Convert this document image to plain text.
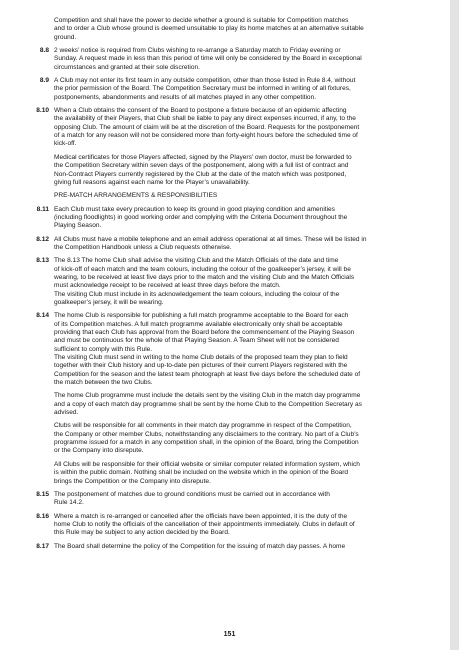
Competition and shall have the power to decide whether a ground is suitable for Competition matches
and to order a Club whose ground is deemed unsuitable to play its home matches at an alternative suitable
ground.
8.8 2 weeks’ notice is required from Clubs wishing to re-arrange a Saturday match to Friday evening or
Sunday. A request made in less than this period of time will only be considered by the Board in exceptional
circumstances and granted at their sole discretion.
8.9 A Club may not enter its first team in any outside competition, other than those listed in Rule 8.4, without
the prior permission of the Board. The Competition Secretary must be informed in writing of all fixtures,
postponements, abandonments and results of all matches played in any other competition.
8.10 When a Club obtains the consent of the Board to postpone a fixture because of an epidemic affecting
the availability of their Players, that Club shall be liable to pay any direct expenses incurred, if any, to the
opposing Club. The amount of claim will be at the discretion of the Board. Requests for the postponement
of a match for any reason will not be considered more than forty-eight hours before the scheduled time of
kick-off.
Medical certificates for those Players affected, signed by the Players’ own doctor, must be forwarded to
the Competition Secretary within seven days of the postponement, along with a full list of contract and
Non-Contract Players currently registered by the Club at the date of the match which was postponed,
giving full reasons against each name for the Player’s unavailability.
PRE-MATCH ARRANGEMENTS & RESPONSIBILITIES
8.11 Each Club must take every precaution to keep its ground in good playing condition and amenities
(including floodlights) in good working order and complying with the Criteria Document throughout the
Playing Season.
8.12 All Clubs must have a mobile telephone and an email address operational at all times. These will be listed in
the Competition Handbook unless a Club requests otherwise.
8.13 The 8.13 The home Club shall advise the visiting Club and the Match Officials of the date and time
of kick-off of each match and the team colours, including the colour of the goalkeeper’s jersey, it will be
wearing, to be received at least five days prior to the match and the visiting Club and the Match Officials
must acknowledge receipt to be received at least three days before the match.
The visiting Club must include in its acknowledgement the team colours, including the colour of the
goalkeeper’s jersey, it will be wearing.
8.14 The home Club is responsible for publishing a full match programme acceptable to the Board for each
of its Competition matches. A full match programme available electronically only shall be acceptable
providing that each Club has approval from the Board before the commencement of the Playing Season
and must be continuous for the whole of that Playing Season. A Team Sheet will not be considered
sufficient to comply with this Rule.
The visiting Club must send in writing to the home Club details of the proposed team they plan to field
together with their Club history and up-to-date pen pictures of their current Players registered with the
Competition for the season and the latest team photograph at least five days before the scheduled date of
the match between the two Clubs.
The home Club programme must include the details sent by the visiting Club in the match day programme
and a copy of each match day programme shall be sent by the home Club to the Competition Secretary as
advised.
Clubs will be responsible for all comments in their match day programme in respect of the Competition,
the Company or other member Clubs, notwithstanding any disclaimers to the contrary. No part of a Club’s
programme issued for a match in any competition shall, in the opinion of the Board, bring the Competition
or the Company into disrepute.
All Clubs will be responsible for their official website or similar computer related information system, which
is within the public domain. Nothing shall be included on the website which in the opinion of the Board
brings the Competition or the Company into disrepute.
8.15 The postponement of matches due to ground conditions must be carried out in accordance with
Rule 14.2.
8.16 Where a match is re-arranged or cancelled after the officials have been appointed, it is the duty of the
home Club to notify the officials of the cancellation of their appointments immediately. Clubs in default of
this Rule may be subject to any action decided by the Board.
8.17 The Board shall determine the policy of the Competition for the issuing of match day passes. A home
151
